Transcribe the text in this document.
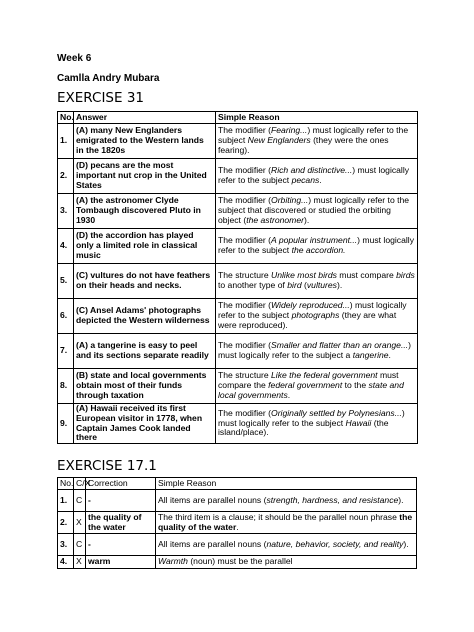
Week 6
Camlla Andry Mubara
EXERCISE 31
No.	Answer	Simple Reason
1.	(A) many New Englanders emigrated to the Western lands in the 1820s	The modifier (Fearing...) must logically refer to the subject New Englanders (they were the ones fearing).
2.	(D) pecans are the most important nut crop in the United States	The modifier (Rich and distinctive...) must logically refer to the subject pecans.
3.	(A) the astronomer Clyde Tombaugh discovered Pluto in 1930	The modifier (Orbiting...) must logically refer to the subject that discovered or studied the orbiting object (the astronomer).
4.	(D) the accordion has played only a limited role in classical music	The modifier (A popular instrument...) must logically refer to the subject the accordion.
5.	(C) vultures do not have feathers on their heads and necks.	The structure Unlike most birds must compare birds to another type of bird (vultures).
6.	(C) Ansel Adams' photographs depicted the Western wilderness	The modifier (Widely reproduced...) must logically refer to the subject photographs (they are what were reproduced).
7.	(A) a tangerine is easy to peel and its sections separate readily	The modifier (Smaller and flatter than an orange...) must logically refer to the subject a tangerine.
8.	(B) state and local governments obtain most of their funds through taxation	The structure Like the federal government must compare the federal government to the state and local governments.
9.	(A) Hawaii received its first European visitor in 1778, when Captain James Cook landed there	The modifier (Originally settled by Polynesians...) must logically refer to the subject Hawaii (the island/place).
EXERCISE 17.1
No.	C/X	Correction	Simple Reason
1.	C	-	All items are parallel nouns (strength, hardness, and resistance).
2.	X	the quality of the water	The third item is a clause; it should be the parallel noun phrase the quality of the water.
3.	C	-	All items are parallel nouns (nature, behavior, society, and reality).
4.	X	warm	Warmth (noun) must be the parallel
